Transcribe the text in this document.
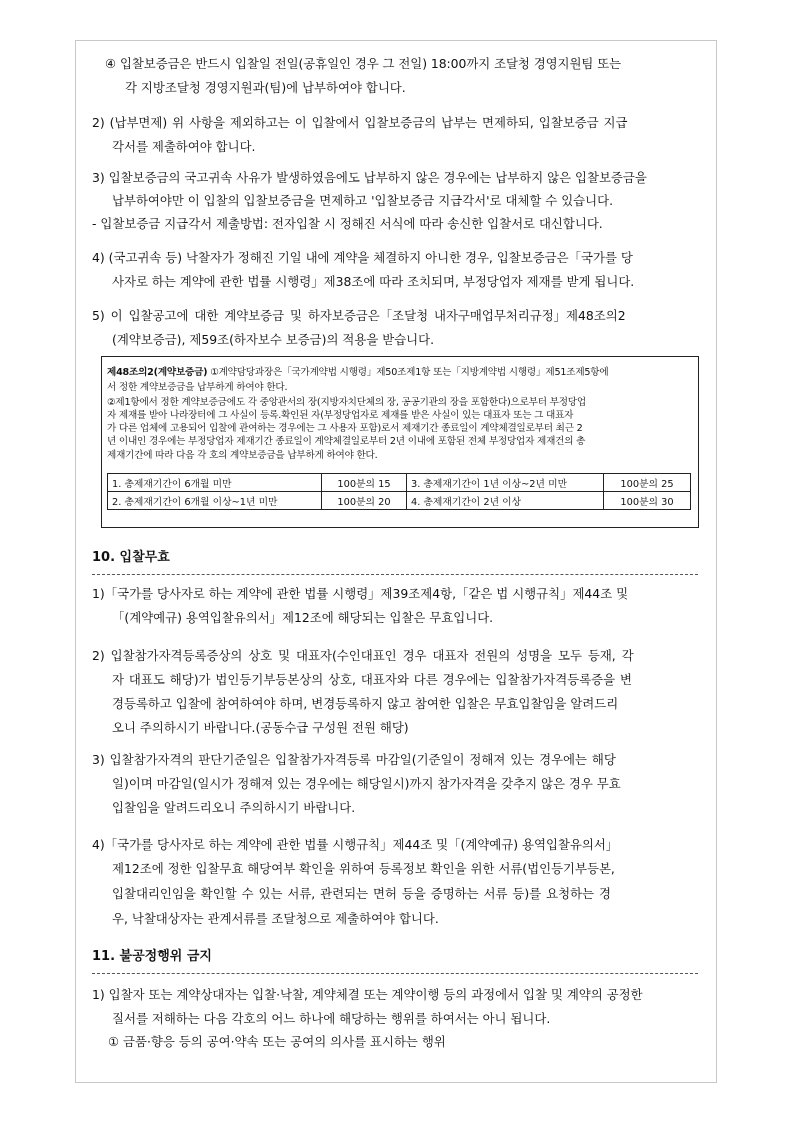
④ 입찰보증금은 반드시 입찰일 전일(공휴일인 경우 그 전일) 18:00까지 조달청 경영지원팀 또는
각 지방조달청 경영지원과(팀)에 납부하여야 합니다.
2) (납부면제) 위 사항을 제외하고는 이 입찰에서 입찰보증금의 납부는 면제하되, 입찰보증금 지급
각서를 제출하여야 합니다.
3) 입찰보증금의 국고귀속 사유가 발생하였음에도 납부하지 않은 경우에는 납부하지 않은 입찰보증금을
납부하여야만 이 입찰의 입찰보증금을 면제하고 '입찰보증금 지급각서'로 대체할 수 있습니다.
- 입찰보증금 지급각서 제출방법: 전자입찰 시 정해진 서식에 따라 송신한 입찰서로 대신합니다.
4) (국고귀속 등) 낙찰자가 정해진 기일 내에 계약을 체결하지 아니한 경우, 입찰보증금은「국가를 당
사자로 하는 계약에 관한 법률 시행령」제38조에 따라 조치되며, 부정당업자 제재를 받게 됩니다.
5) 이 입찰공고에 대한 계약보증금 및 하자보증금은「조달청 내자구매업무처리규정」제48조의2
(계약보증금), 제59조(하자보수 보증금)의 적용을 받습니다.
제48조의2(계약보증금) ①계약담당과장은「국가계약법 시행령」제50조제1항 또는「지방계약법 시행령」제51조제5항에
서 정한 계약보증금을 납부하게 하여야 한다.
②제1항에서 정한 계약보증금에도 각 중앙관서의 장(지방자치단체의 장, 공공기관의 장을 포함한다)으로부터 부정당업
자 제재를 받아 나라장터에 그 사실이 등록.확인된 자(부정당업자로 제재를 받은 사실이 있는 대표자 또는 그 대표자
가 다른 업체에 고용되어 입찰에 관여하는 경우에는 그 사용자 포함)로서 제재기간 종료일이 계약체결일로부터 최근 2
년 이내인 경우에는 부정당업자 제재기간 종료일이 계약체결일로부터 2년 이내에 포함된 전체 부정당업자 제재건의 총
제재기간에 따라 다음 각 호의 계약보증금을 납부하게 하여야 한다.
1. 총제재기간이 6개월 미만	100분의 15	3. 총제재기간이 1년 이상~2년 미만	100분의 25
2. 총제재기간이 6개월 이상~1년 미만	100분의 20	4. 총제재기간이 2년 이상	100분의 30
10. 입찰무효
1)「국가를 당사자로 하는 계약에 관한 법률 시행령」제39조제4항,「같은 법 시행규칙」제44조 및
「(계약예규) 용역입찰유의서」제12조에 해당되는 입찰은 무효입니다.
2) 입찰참가자격등록증상의 상호 및 대표자(수인대표인 경우 대표자 전원의 성명을 모두 등재, 각
자 대표도 해당)가 법인등기부등본상의 상호, 대표자와 다른 경우에는 입찰참가자격등록증을 변
경등록하고 입찰에 참여하여야 하며, 변경등록하지 않고 참여한 입찰은 무효입찰임을 알려드리
오니 주의하시기 바랍니다.(공동수급 구성원 전원 해당)
3) 입찰참가자격의 판단기준일은 입찰참가자격등록 마감일(기준일이 정해져 있는 경우에는 해당
일)이며 마감일(일시가 정해져 있는 경우에는 해당일시)까지 참가자격을 갖추지 않은 경우 무효
입찰임을 알려드리오니 주의하시기 바랍니다.
4)「국가를 당사자로 하는 계약에 관한 법률 시행규칙」제44조 및「(계약예규) 용역입찰유의서」
제12조에 정한 입찰무효 해당여부 확인을 위하여 등록정보 확인을 위한 서류(법인등기부등본,
입찰대리인임을 확인할 수 있는 서류, 관련되는 면허 등을 증명하는 서류 등)를 요청하는 경
우, 낙찰대상자는 관계서류를 조달청으로 제출하여야 합니다.
11. 불공정행위 금지
1) 입찰자 또는 계약상대자는 입찰·낙찰, 계약체결 또는 계약이행 등의 과정에서 입찰 및 계약의 공정한
질서를 저해하는 다음 각호의 어느 하나에 해당하는 행위를 하여서는 아니 됩니다.
① 금품·향응 등의 공여·약속 또는 공여의 의사를 표시하는 행위
